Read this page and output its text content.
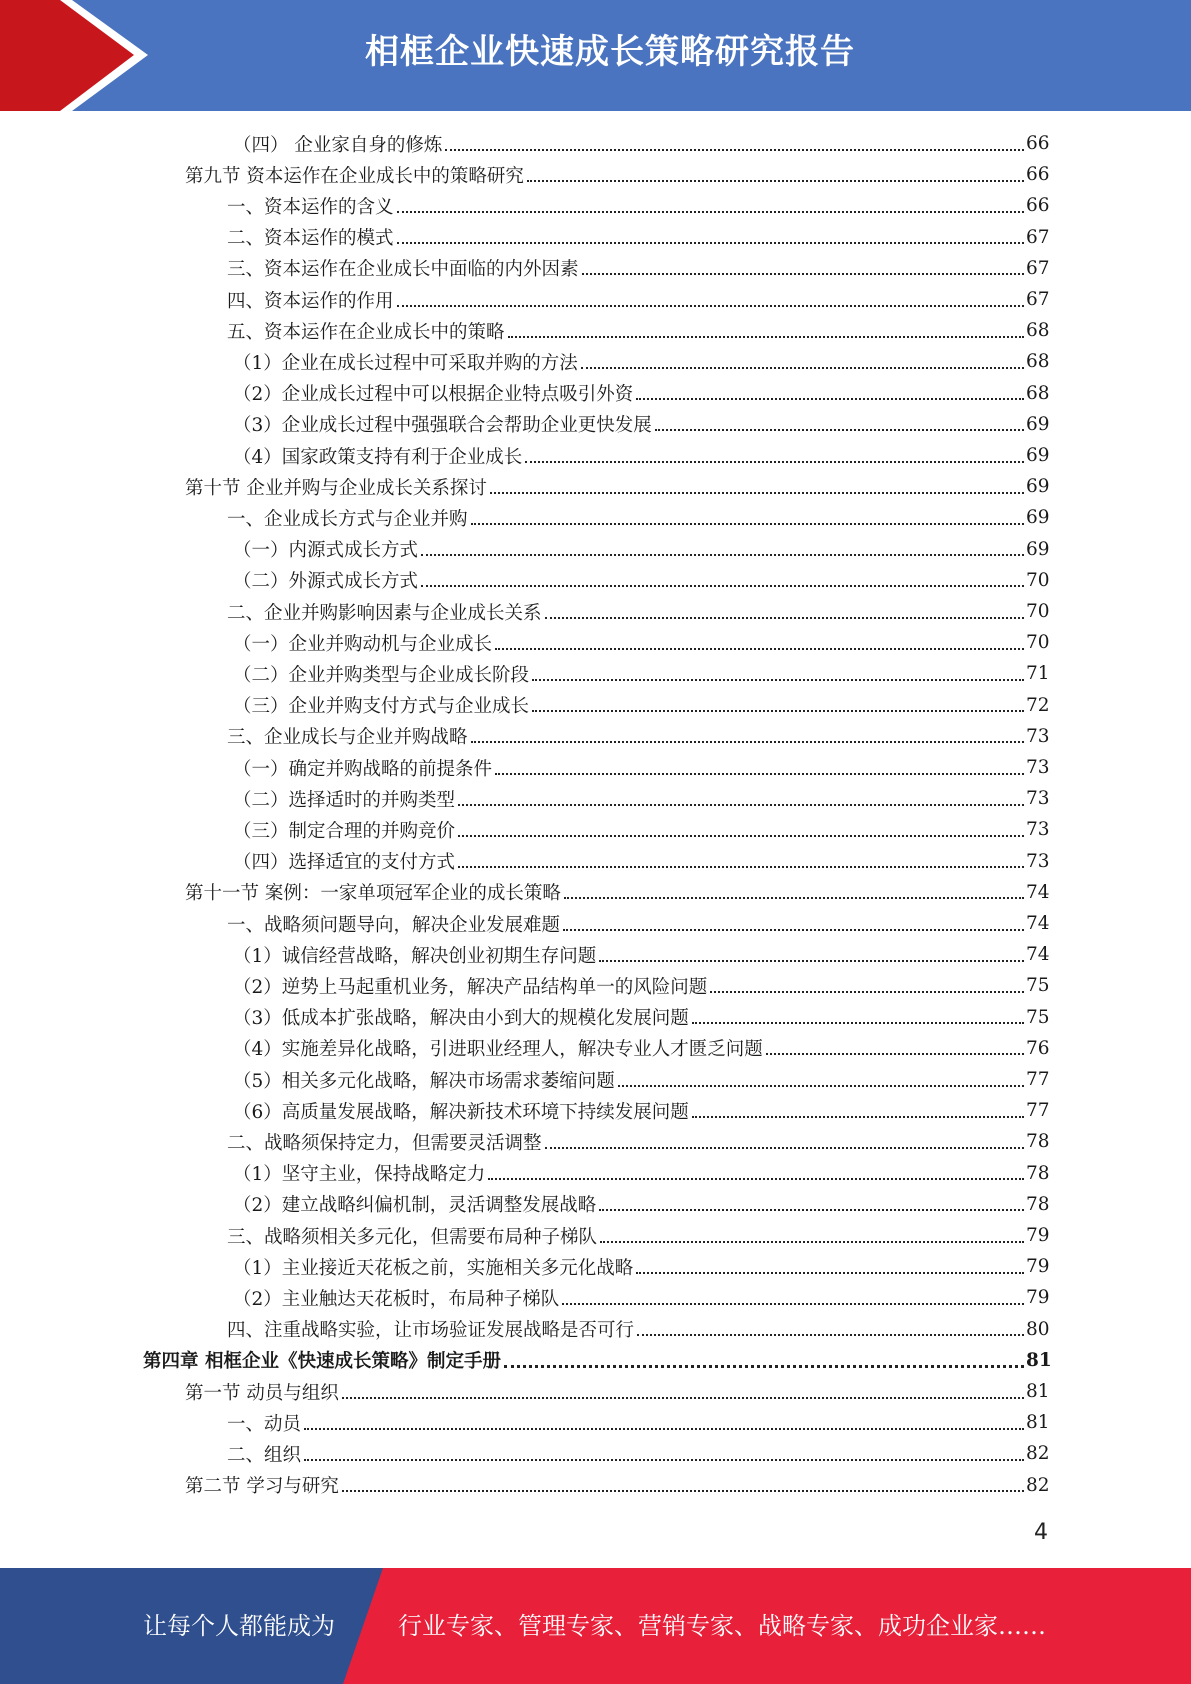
相框企业快速成长策略研究报告
（四） 企业家自身的修炼	66
第九节 资本运作在企业成长中的策略研究	66
一、资本运作的含义	66
二、资本运作的模式	67
三、资本运作在企业成长中面临的内外因素	67
四、资本运作的作用	67
五、资本运作在企业成长中的策略	68
（1）企业在成长过程中可采取并购的方法	68
（2）企业成长过程中可以根据企业特点吸引外资	68
（3）企业成长过程中强强联合会帮助企业更快发展	69
（4）国家政策支持有利于企业成长	69
第十节 企业并购与企业成长关系探讨	69
一、企业成长方式与企业并购	69
（一）内源式成长方式	69
（二）外源式成长方式	70
二、企业并购影响因素与企业成长关系	70
（一）企业并购动机与企业成长	70
（二）企业并购类型与企业成长阶段	71
（三）企业并购支付方式与企业成长	72
三、企业成长与企业并购战略	73
（一）确定并购战略的前提条件	73
（二）选择适时的并购类型	73
（三）制定合理的并购竞价	73
（四）选择适宜的支付方式	73
第十一节 案例：一家单项冠军企业的成长策略	74
一、战略须问题导向，解决企业发展难题	74
（1）诚信经营战略，解决创业初期生存问题	74
（2）逆势上马起重机业务，解决产品结构单一的风险问题	75
（3）低成本扩张战略，解决由小到大的规模化发展问题	75
（4）实施差异化战略，引进职业经理人，解决专业人才匮乏问题	76
（5）相关多元化战略，解决市场需求萎缩问题	77
（6）高质量发展战略，解决新技术环境下持续发展问题	77
二、战略须保持定力，但需要灵活调整	78
（1）坚守主业，保持战略定力	78
（2）建立战略纠偏机制，灵活调整发展战略	78
三、战略须相关多元化，但需要布局种子梯队	79
（1）主业接近天花板之前，实施相关多元化战略	79
（2）主业触达天花板时，布局种子梯队	79
四、注重战略实验，让市场验证发展战略是否可行	80
第四章 相框企业《快速成长策略》制定手册	81
第一节 动员与组织	81
一、动员	81
二、组织	82
第二节 学习与研究	82
4
让每个人都能成为	行业专家、管理专家、营销专家、战略专家、成功企业家……
